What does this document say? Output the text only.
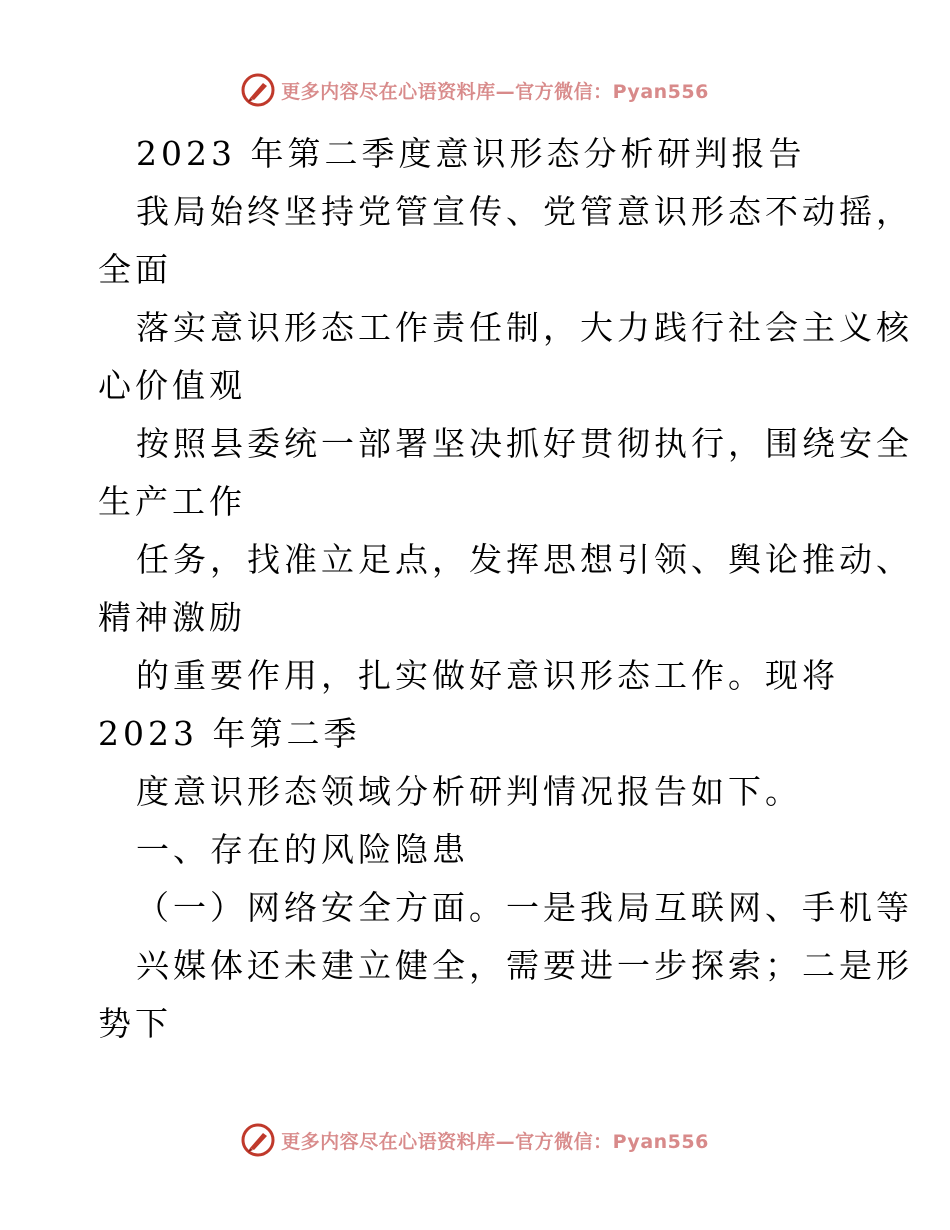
更多内容尽在心语资料库—官方微信：Pyan556
2023 年第二季度意识形态分析研判报告
我局始终坚持党管宣传、党管意识形态不动摇，
全面
落实意识形态工作责任制，大力践行社会主义核
心价值观
按照县委统一部署坚决抓好贯彻执行，围绕安全
生产工作
任务，找准立足点，发挥思想引领、舆论推动、
精神激励
的重要作用，扎实做好意识形态工作。现将
2023 年第二季
度意识形态领域分析研判情况报告如下。
一、存在的风险隐患
（一）网络安全方面。一是我局互联网、手机等
兴媒体还未建立健全，需要进一步探索；二是形
势下
更多内容尽在心语资料库—官方微信：Pyan556
